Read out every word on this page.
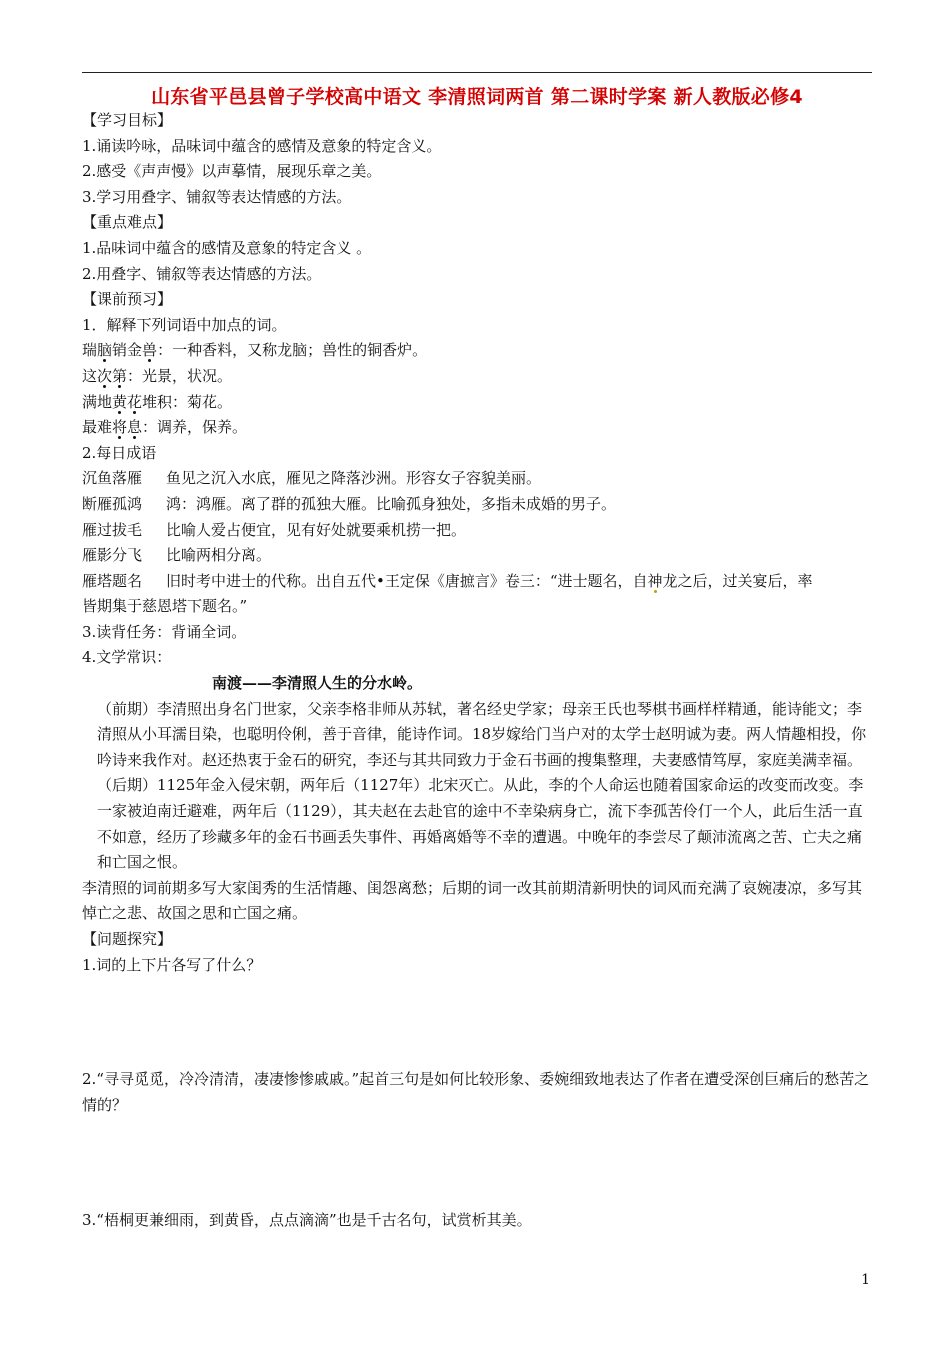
山东省平邑县曾子学校高中语文 李清照词两首 第二课时学案 新人教版必修4
【学习目标】
1.诵读吟咏，品味词中蕴含的感情及意象的特定含义。
2.感受《声声慢》以声摹情，展现乐章之美。
3.学习用叠字、铺叙等表达情感的方法。
【重点难点】
1.品味词中蕴含的感情及意象的特定含义 。
2.用叠字、铺叙等表达情感的方法。
【课前预习】
1．解释下列词语中加点的词。
瑞脑销金兽：一种香料，又称龙脑；兽性的铜香炉。
这次第：光景，状况。
满地黄花堆积：菊花。
最难将息：调养，保养。
2.每日成语
沉鱼落雁 鱼见之沉入水底，雁见之降落沙洲。形容女子容貌美丽。
断雁孤鸿 鸿：鸿雁。离了群的孤独大雁。比喻孤身独处，多指未成婚的男子。
雁过拔毛 比喻人爱占便宜，见有好处就要乘机捞一把。
雁影分飞 比喻两相分离。
雁塔题名 旧时考中进士的代称。出自五代•王定保《唐摭言》卷三：“进士题名，自神龙之后，过关宴后，率
皆期集于慈恩塔下题名。”
3.读背任务：背诵全词。
4.文学常识：
南渡——李清照人生的分水岭。
（前期）李清照出身名门世家，父亲李格非师从苏轼，著名经史学家；母亲王氏也琴棋书画样样精通，能诗能文；李清照从小耳濡目染，也聪明伶俐，善于音律，能诗作词。18岁嫁给门当户对的太学士赵明诚为妻。两人情趣相投，你吟诗来我作对。赵还热衷于金石的研究，李还与其共同致力于金石书画的搜集整理，夫妻感情笃厚，家庭美满幸福。
（后期）1125年金入侵宋朝，两年后（1127年）北宋灭亡。从此，李的个人命运也随着国家命运的改变而改变。李一家被迫南迁避难，两年后（1129），其夫赵在去赴官的途中不幸染病身亡，流下李孤苦伶仃一个人，此后生活一直不如意，经历了珍藏多年的金石书画丢失事件、再婚离婚等不幸的遭遇。中晚年的李尝尽了颠沛流离之苦、亡夫之痛和亡国之恨。
李清照的词前期多写大家闺秀的生活情趣、闺怨离愁；后期的词一改其前期清新明快的词风而充满了哀婉凄凉，多写其悼亡之悲、故国之思和亡国之痛。
【问题探究】
1.词的上下片各写了什么？
2.“寻寻觅觅，冷冷清清，凄凄惨惨戚戚。”起首三句是如何比较形象、委婉细致地表达了作者在遭受深创巨痛后的愁苦之情的？
3.“梧桐更兼细雨，到黄昏，点点滴滴”也是千古名句，试赏析其美。
1
